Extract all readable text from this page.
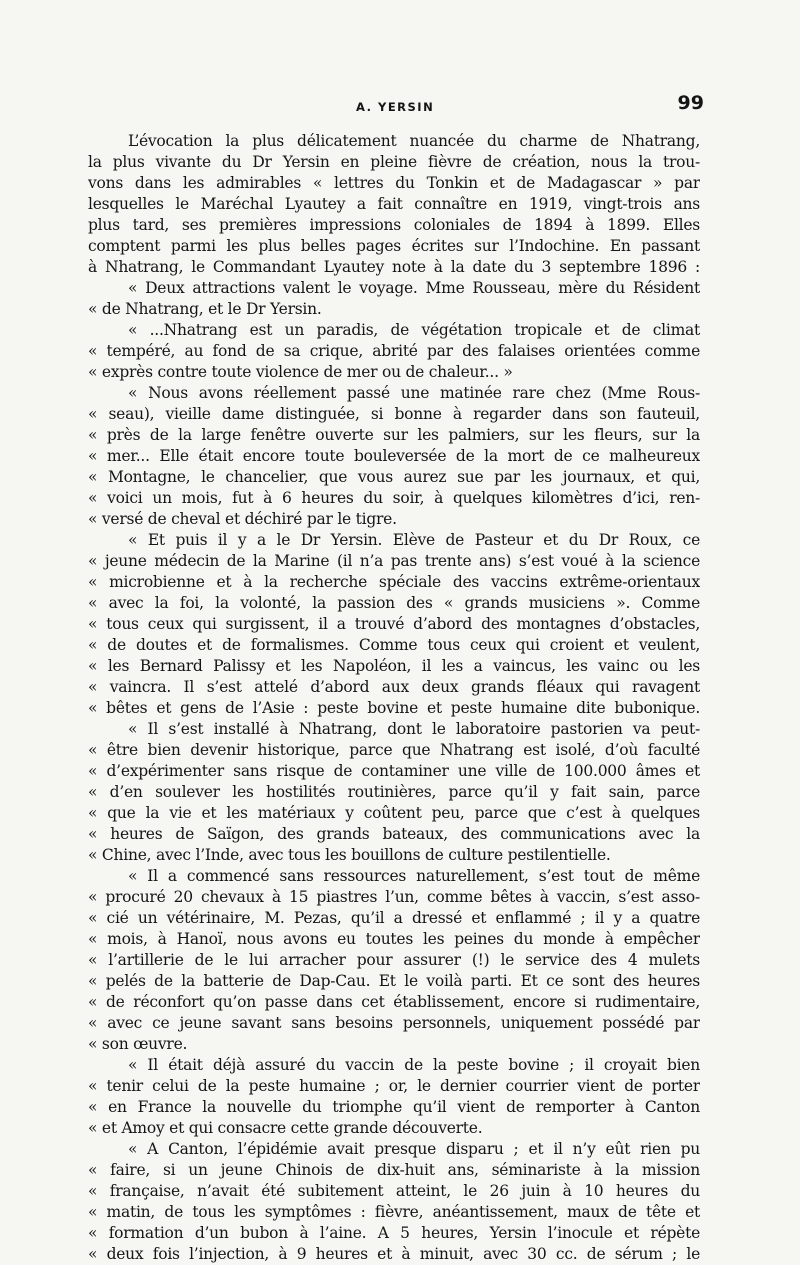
A. YERSIN	99
L’évocation la plus délicatement nuancée du charme de Nhatrang,
la plus vivante du Dr Yersin en pleine fièvre de création, nous la trou-
vons dans les admirables « lettres du Tonkin et de Madagascar » par
lesquelles le Maréchal Lyautey a fait connaître en 1919, vingt-trois ans
plus tard, ses premières impressions coloniales de 1894 à 1899. Elles
comptent parmi les plus belles pages écrites sur l’Indochine. En passant
à Nhatrang, le Commandant Lyautey note à la date du 3 septembre 1896 :
« Deux attractions valent le voyage. Mme Rousseau, mère du Résident
« de Nhatrang, et le Dr Yersin.
« ...Nhatrang est un paradis, de végétation tropicale et de climat
« tempéré, au fond de sa crique, abrité par des falaises orientées comme
« exprès contre toute violence de mer ou de chaleur... »
« Nous avons réellement passé une matinée rare chez (Mme Rous-
« seau), vieille dame distinguée, si bonne à regarder dans son fauteuil,
« près de la large fenêtre ouverte sur les palmiers, sur les fleurs, sur la
« mer... Elle était encore toute bouleversée de la mort de ce malheureux
« Montagne, le chancelier, que vous aurez sue par les journaux, et qui,
« voici un mois, fut à 6 heures du soir, à quelques kilomètres d’ici, ren-
« versé de cheval et déchiré par le tigre.
« Et puis il y a le Dr Yersin. Elève de Pasteur et du Dr Roux, ce
« jeune médecin de la Marine (il n’a pas trente ans) s’est voué à la science
« microbienne et à la recherche spéciale des vaccins extrême-orientaux
« avec la foi, la volonté, la passion des « grands musiciens ». Comme
« tous ceux qui surgissent, il a trouvé d’abord des montagnes d’obstacles,
« de doutes et de formalismes. Comme tous ceux qui croient et veulent,
« les Bernard Palissy et les Napoléon, il les a vaincus, les vainc ou les
« vaincra. Il s’est attelé d’abord aux deux grands fléaux qui ravagent
« bêtes et gens de l’Asie : peste bovine et peste humaine dite bubonique.
« Il s’est installé à Nhatrang, dont le laboratoire pastorien va peut-
« être bien devenir historique, parce que Nhatrang est isolé, d’où faculté
« d’expérimenter sans risque de contaminer une ville de 100.000 âmes et
« d’en soulever les hostilités routinières, parce qu’il y fait sain, parce
« que la vie et les matériaux y coûtent peu, parce que c’est à quelques
« heures de Saïgon, des grands bateaux, des communications avec la
« Chine, avec l’Inde, avec tous les bouillons de culture pestilentielle.
« Il a commencé sans ressources naturellement, s’est tout de même
« procuré 20 chevaux à 15 piastres l’un, comme bêtes à vaccin, s’est asso-
« cié un vétérinaire, M. Pezas, qu’il a dressé et enflammé ; il y a quatre
« mois, à Hanoï, nous avons eu toutes les peines du monde à empêcher
« l’artillerie de le lui arracher pour assurer (!) le service des 4 mulets
« pelés de la batterie de Dap-Cau. Et le voilà parti. Et ce sont des heures
« de réconfort qu’on passe dans cet établissement, encore si rudimentaire,
« avec ce jeune savant sans besoins personnels, uniquement possédé par
« son œuvre.
« Il était déjà assuré du vaccin de la peste bovine ; il croyait bien
« tenir celui de la peste humaine ; or, le dernier courrier vient de porter
« en France la nouvelle du triomphe qu’il vient de remporter à Canton
« et Amoy et qui consacre cette grande découverte.
« A Canton, l’épidémie avait presque disparu ; et il n’y eût rien pu
« faire, si un jeune Chinois de dix-huit ans, séminariste à la mission
« française, n’avait été subitement atteint, le 26 juin à 10 heures du
« matin, de tous les symptômes : fièvre, anéantissement, maux de tête et
« formation d’un bubon à l’aine. A 5 heures, Yersin l’inocule et répète
« deux fois l’injection, à 9 heures et à minuit, avec 30 cc. de sérum ; le
